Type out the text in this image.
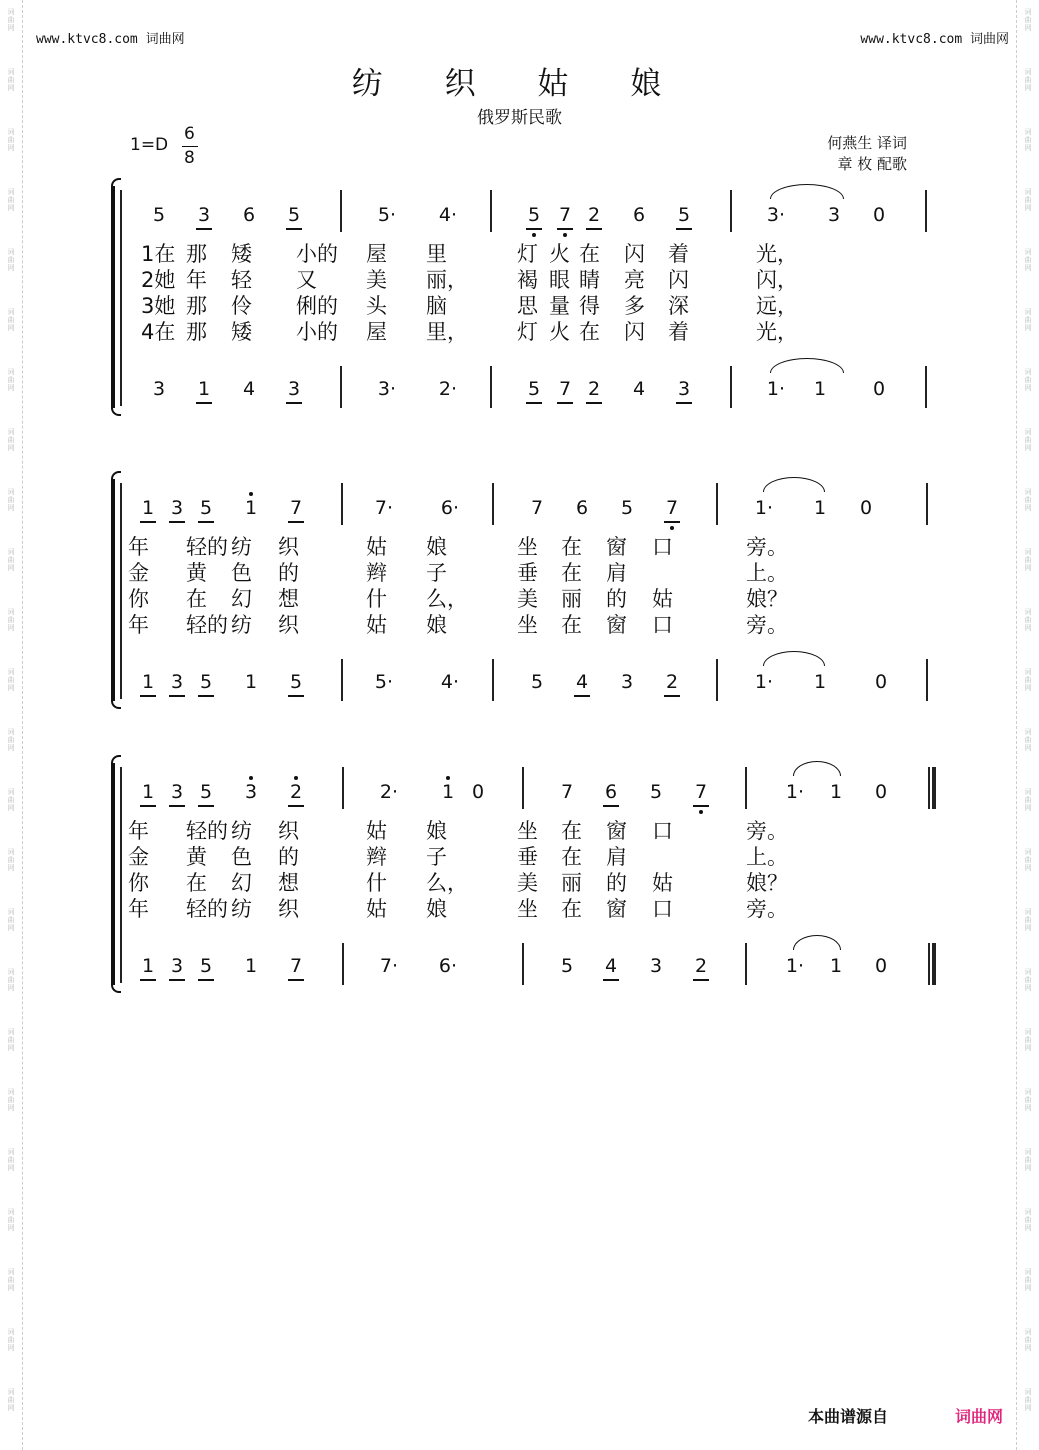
词
曲
网
词
曲
网
词
曲
网
词
曲
网
词
曲
网
词
曲
网
词
曲
网
词
曲
网
词
曲
网
词
曲
网
词
曲
网
词
曲
网
词
曲
网
词
曲
网
词
曲
网
词
曲
网
词
曲
网
词
曲
网
词
曲
网
词
曲
网
词
曲
网
词
曲
网
词
曲
网
词
曲
网
词
曲
网
词
曲
网
词
曲
网
词
曲
网
词
曲
网
词
曲
网
词
曲
网
词
曲
网
词
曲
网
词
曲
网
词
曲
网
词
曲
网
词
曲
网
词
曲
网
词
曲
网
词
曲
网
词
曲
网
词
曲
网
词
曲
网
词
曲
网
词
曲
网
词
曲
网
词
曲
网
词
曲
网
www.ktvc8.com 词曲网	www.ktvc8.com 词曲网
纺 织 姑 娘
俄罗斯民歌
1=D
6
8
何燕生 译词
章 枚 配歌
5	3	6	5	5· 4·	5 7 2	6	5	3·	3	0
3	1	4	3	3· 2·	5 7 2	4	3	1·	1	0
1在 那	矮	小的	屋	里	灯 火 在	闪	着	光，
2她 年	轻	又	美	丽，	褐 眼 睛	亮	闪	闪，
3她 那	伶	俐的	头	脑	思 量 得	多	深	远，
4在 那	矮	小的	屋	里，	灯 火 在	闪	着	光，
1 3 5	1	7	7·	6·	7	6	5	7	1·	1	0
1 3 5	1	5	5·	4·	5	4	3	2	1·	1	0
年	轻的 纺	织	姑	娘	坐	在	窗	口	旁。
金	黄	色	的	辫	子	垂	在	肩	上。
你	在	幻	想	什	么，	美	丽	的	姑	娘？
年	轻的 纺	织	姑	娘	坐	在	窗	口	旁。
1 3 5	3	2	2·	1 0	7	6	5	7	1·	1	0
1 3 5	1	7	7· 6·	5	4	3	2	1·	1	0
年	轻的 纺	织	姑	娘	坐	在	窗	口	旁。
金	黄	色	的	辫	子	垂	在	肩	上。
你	在	幻	想	什	么，	美	丽	的	姑	娘？
年	轻的 纺	织	姑	娘	坐	在	窗	口	旁。
本曲谱源自	词曲网
